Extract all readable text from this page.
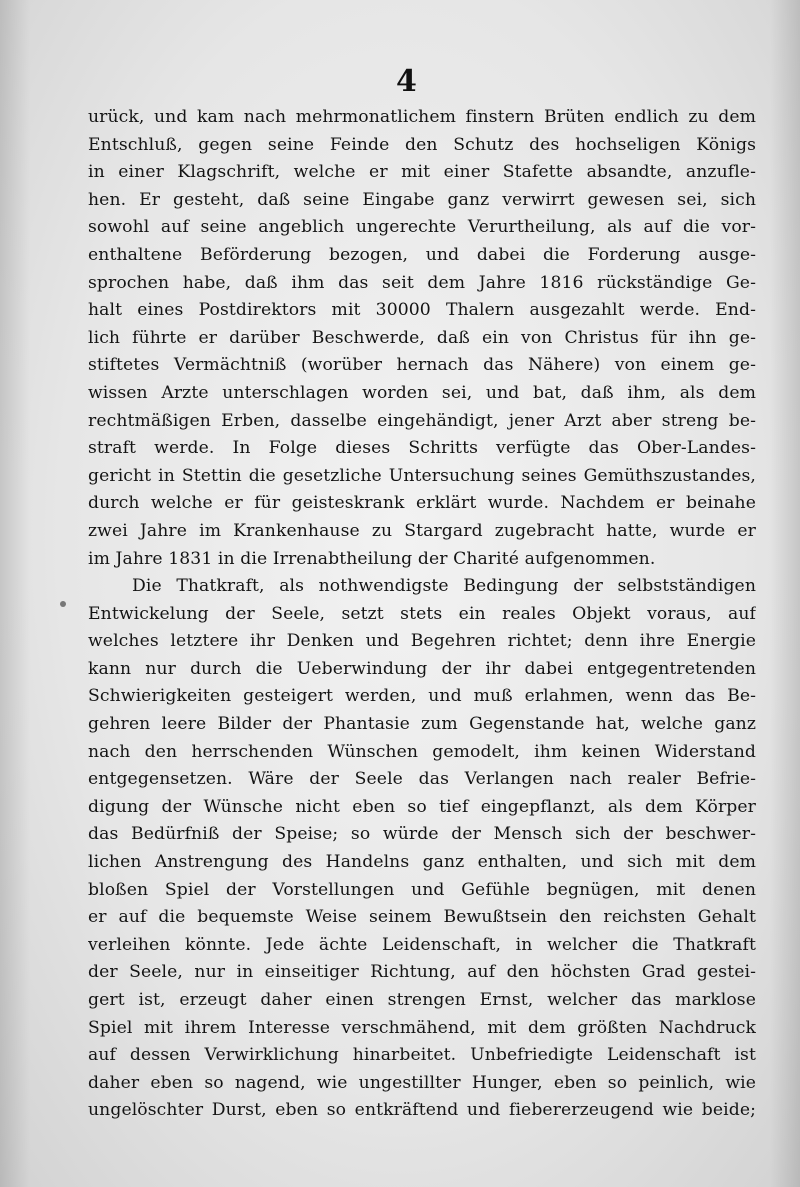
4
urück, und kam nach mehrmonatlichem finstern Brüten endlich zu dem
Entschluß, gegen seine Feinde den Schutz des hochseligen Königs
in einer Klagschrift, welche er mit einer Stafette absandte, anzufle-
hen. Er gesteht, daß seine Eingabe ganz verwirrt gewesen sei, sich
sowohl auf seine angeblich ungerechte Verurtheilung, als auf die vor-
enthaltene Beförderung bezogen, und dabei die Forderung ausge-
sprochen habe, daß ihm das seit dem Jahre 1816 rückständige Ge-
halt eines Postdirektors mit 30000 Thalern ausgezahlt werde. End-
lich führte er darüber Beschwerde, daß ein von Christus für ihn ge-
stiftetes Vermächtniß (worüber hernach das Nähere) von einem ge-
wissen Arzte unterschlagen worden sei, und bat, daß ihm, als dem
rechtmäßigen Erben, dasselbe eingehändigt, jener Arzt aber streng be-
straft werde. In Folge dieses Schritts verfügte das Ober-Landes-
gericht in Stettin die gesetzliche Untersuchung seines Gemüthszustandes,
durch welche er für geisteskrank erklärt wurde. Nachdem er beinahe
zwei Jahre im Krankenhause zu Stargard zugebracht hatte, wurde er
im Jahre 1831 in die Irrenabtheilung der Charité aufgenommen.
Die Thatkraft, als nothwendigste Bedingung der selbstständigen
Entwickelung der Seele, setzt stets ein reales Objekt voraus, auf
welches letztere ihr Denken und Begehren richtet; denn ihre Energie
kann nur durch die Ueberwindung der ihr dabei entgegentretenden
Schwierigkeiten gesteigert werden, und muß erlahmen, wenn das Be-
gehren leere Bilder der Phantasie zum Gegenstande hat, welche ganz
nach den herrschenden Wünschen gemodelt, ihm keinen Widerstand
entgegensetzen. Wäre der Seele das Verlangen nach realer Befrie-
digung der Wünsche nicht eben so tief eingepflanzt, als dem Körper
das Bedürfniß der Speise; so würde der Mensch sich der beschwer-
lichen Anstrengung des Handelns ganz enthalten, und sich mit dem
bloßen Spiel der Vorstellungen und Gefühle begnügen, mit denen
er auf die bequemste Weise seinem Bewußtsein den reichsten Gehalt
verleihen könnte. Jede ächte Leidenschaft, in welcher die Thatkraft
der Seele, nur in einseitiger Richtung, auf den höchsten Grad gestei-
gert ist, erzeugt daher einen strengen Ernst, welcher das marklose
Spiel mit ihrem Interesse verschmähend, mit dem größten Nachdruck
auf dessen Verwirklichung hinarbeitet. Unbefriedigte Leidenschaft ist
daher eben so nagend, wie ungestillter Hunger, eben so peinlich, wie
ungelöschter Durst, eben so entkräftend und fiebererzeugend wie beide;
